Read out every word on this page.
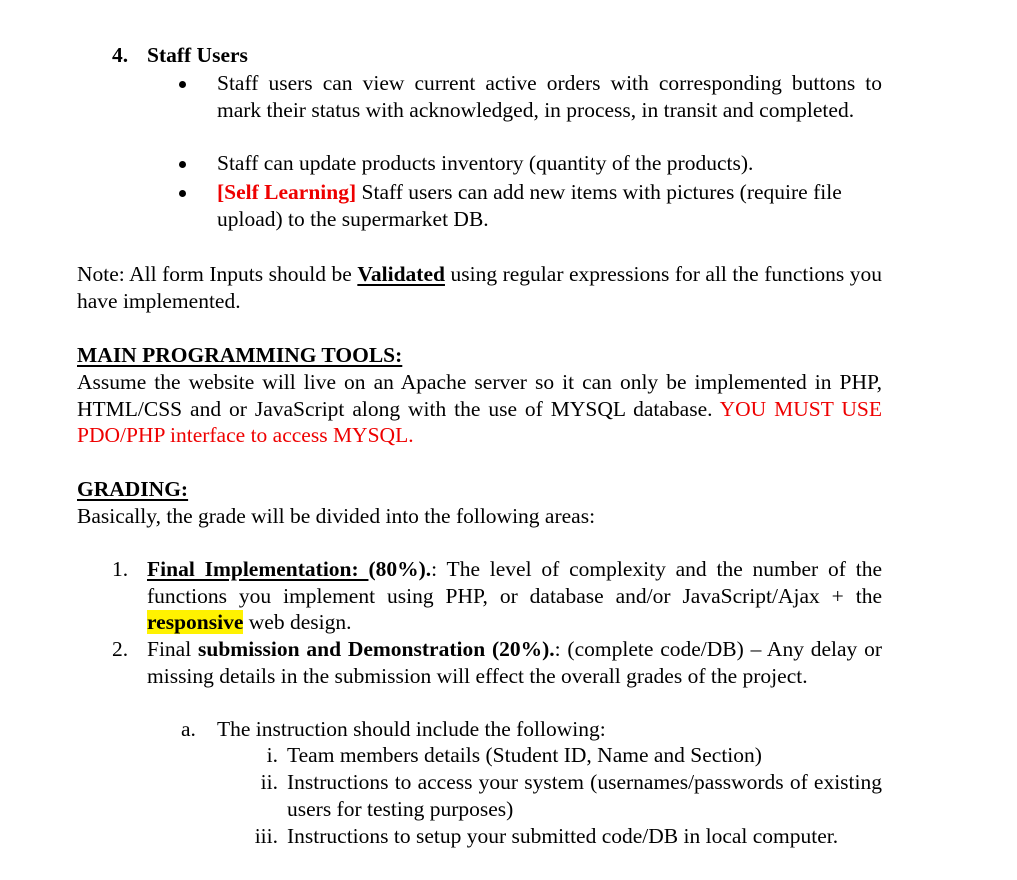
4. Staff Users
Staff users can view current active orders with corresponding buttons to mark their status with acknowledged, in process, in transit and completed.
Staff can update products inventory (quantity of the products).
[Self Learning] Staff users can add new items with pictures (require file upload) to the supermarket DB.
Note: All form Inputs should be Validated using regular expressions for all the functions you have implemented.
MAIN PROGRAMMING TOOLS:
Assume the website will live on an Apache server so it can only be implemented in PHP, HTML/CSS and or JavaScript along with the use of MYSQL database. YOU MUST USE PDO/PHP interface to access MYSQL.
GRADING:
Basically, the grade will be divided into the following areas:
1. Final Implementation: (80%).: The level of complexity and the number of the functions you implement using PHP, or database and/or JavaScript/Ajax + the responsive web design.
2. Final submission and Demonstration (20%).: (complete code/DB) – Any delay or missing details in the submission will effect the overall grades of the project.
a. The instruction should include the following:
i. Team members details (Student ID, Name and Section)
ii. Instructions to access your system (usernames/passwords of existing users for testing purposes)
iii. Instructions to setup your submitted code/DB in local computer.
